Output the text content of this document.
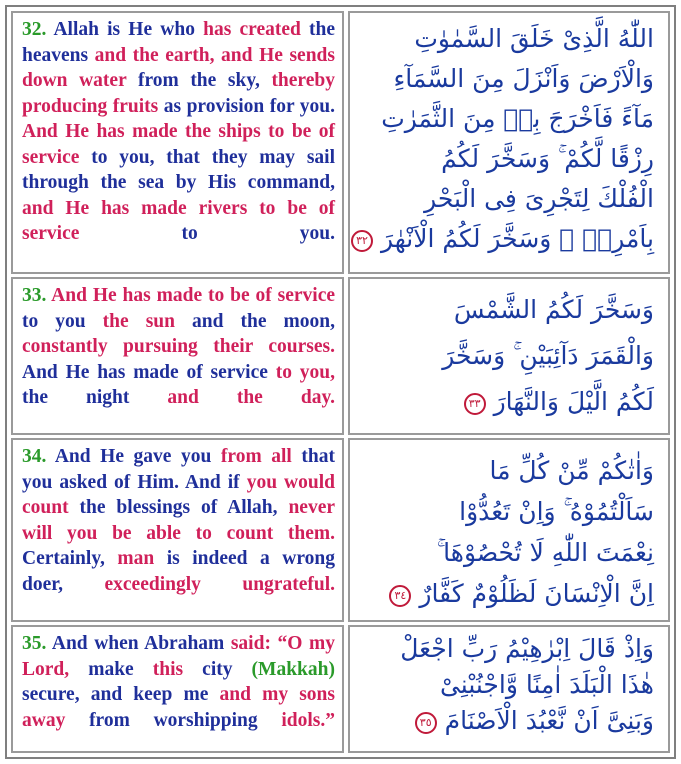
32. Allah is He who has created the heavens and the earth, and He sends down water from the sky, thereby producing fruits as provision for you. And He has made the ships to be of service to you, that they may sail through the sea by His command, and He has made rivers to be of service to you.

اللّٰهُ الَّذِىْ خَلَقَ السَّمٰوٰتِ
وَالْاَرْضَ وَاَنْزَلَ مِنَ السَّمَآءِ
مَآءً فَاَخْرَجَ بِهٖ مِنَ الثَّمَرٰتِ
رِزْقًا لَّكُمْ ۚ وَسَخَّرَ لَكُمُ
الْفُلْكَ لِتَجْرِىَ فِى الْبَحْرِ
بِاَمْرِهٖ ۚ وَسَخَّرَ لَكُمُ الْاَنْهٰرَ ٣٢

33. And He has made to be of service to you the sun and the moon, constantly pursuing their courses. And He has made of service to you, the night and the day.

وَسَخَّرَ لَكُمُ الشَّمْسَ
وَالْقَمَرَ دَآئِبَيْنِ ۚ وَسَخَّرَ
لَكُمُ الَّيْلَ وَالنَّهَارَ ٣٣

34. And He gave you from all that you asked of Him. And if you would count the blessings of Allah, never will you be able to count them. Certainly, man is indeed a wrong doer, exceedingly ungrateful.

وَاٰتٰكُمْ مِّنْ كُلِّ مَا
سَاَلْتُمُوْهُ ۚ وَاِنْ تَعُدُّوْا
نِعْمَتَ اللّٰهِ لَا تُحْصُوْهَا ۚ
اِنَّ الْاِنْسَانَ لَظَلُوْمٌ كَفَّارٌ ٣٤

35. And when Abraham said: “O my Lord, make this city (Makkah) secure, and keep me and my sons away from worshipping idols.”

وَاِذْ قَالَ اِبْرٰهِيْمُ رَبِّ اجْعَلْ
هٰذَا الْبَلَدَ اٰمِنًا وَّاجْنُبْنِىْ
وَبَنِىَّ اَنْ نَّعْبُدَ الْاَصْنَامَ ٣٥
